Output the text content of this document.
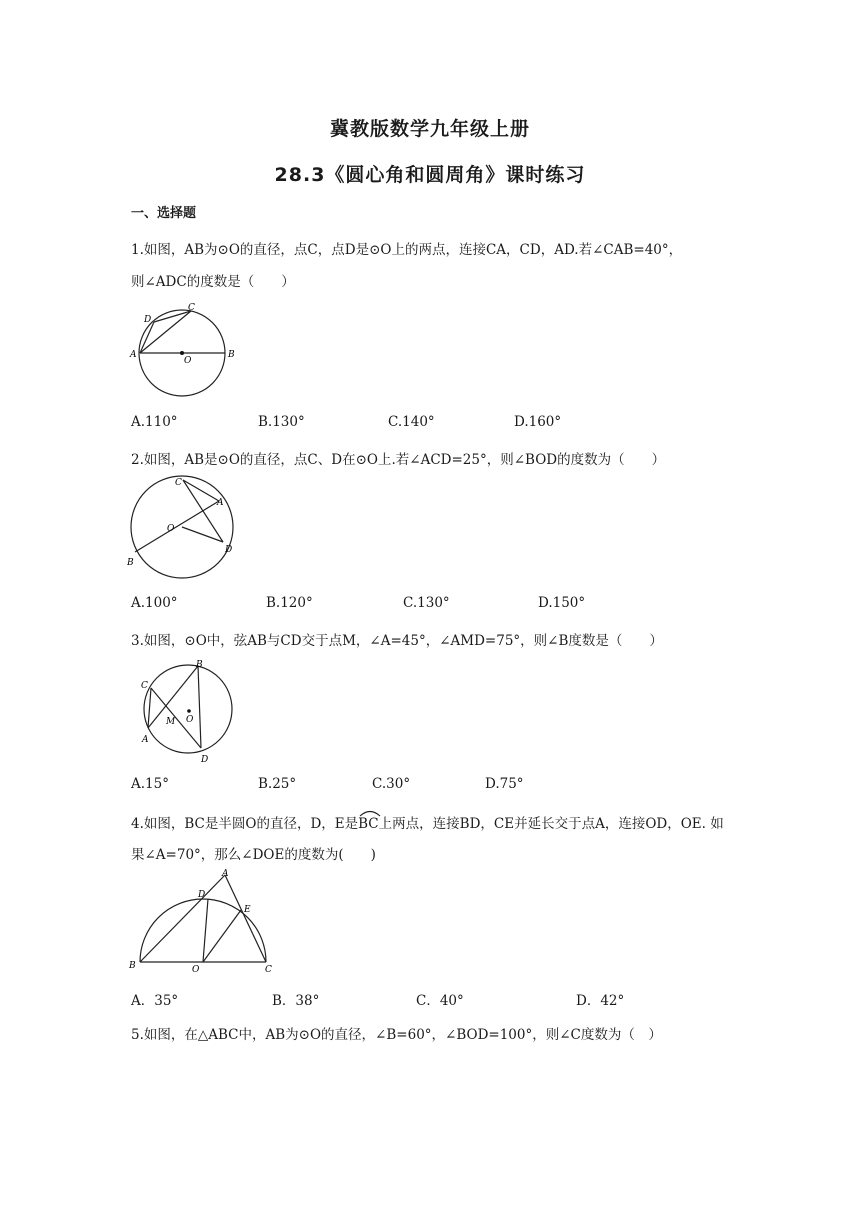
冀教版数学九年级上册
28.3《圆心角和圆周角》课时练习
一、选择题
1.如图，AB为⊙O的直径，点C，点D是⊙O上的两点，连接CA，CD，AD.若∠CAB=40°，
则∠ADC的度数是（　　）
D
C
A
O
B
A.110°	B.130°	C.140°	D.160°
2.如图，AB是⊙O的直径，点C、D在⊙O上.若∠ACD=25°，则∠BOD的度数为（　　）
C
A
O
D
B
A.100°	B.120°	C.130°	D.150°
3.如图，⊙O中，弦AB与CD交于点M，∠A=45°，∠AMD=75°，则∠B度数是（　　）
B
C
M O
A
D
A.15°	B.25°	C.30°	D.75°
4.如图，BC是半圆O的直径，D，E是
BC上两点，连接BD，CE并延长交于点A，连接OD，OE. 如
果∠A=70°，那么∠DOE的度数为(　　)
A
D
E
B	O	C
A．35°	B．38°	C．40°	D．42°
5.如图，在△ABC中，AB为⊙O的直径，∠B=60°，∠BOD=100°，则∠C度数为（　）
